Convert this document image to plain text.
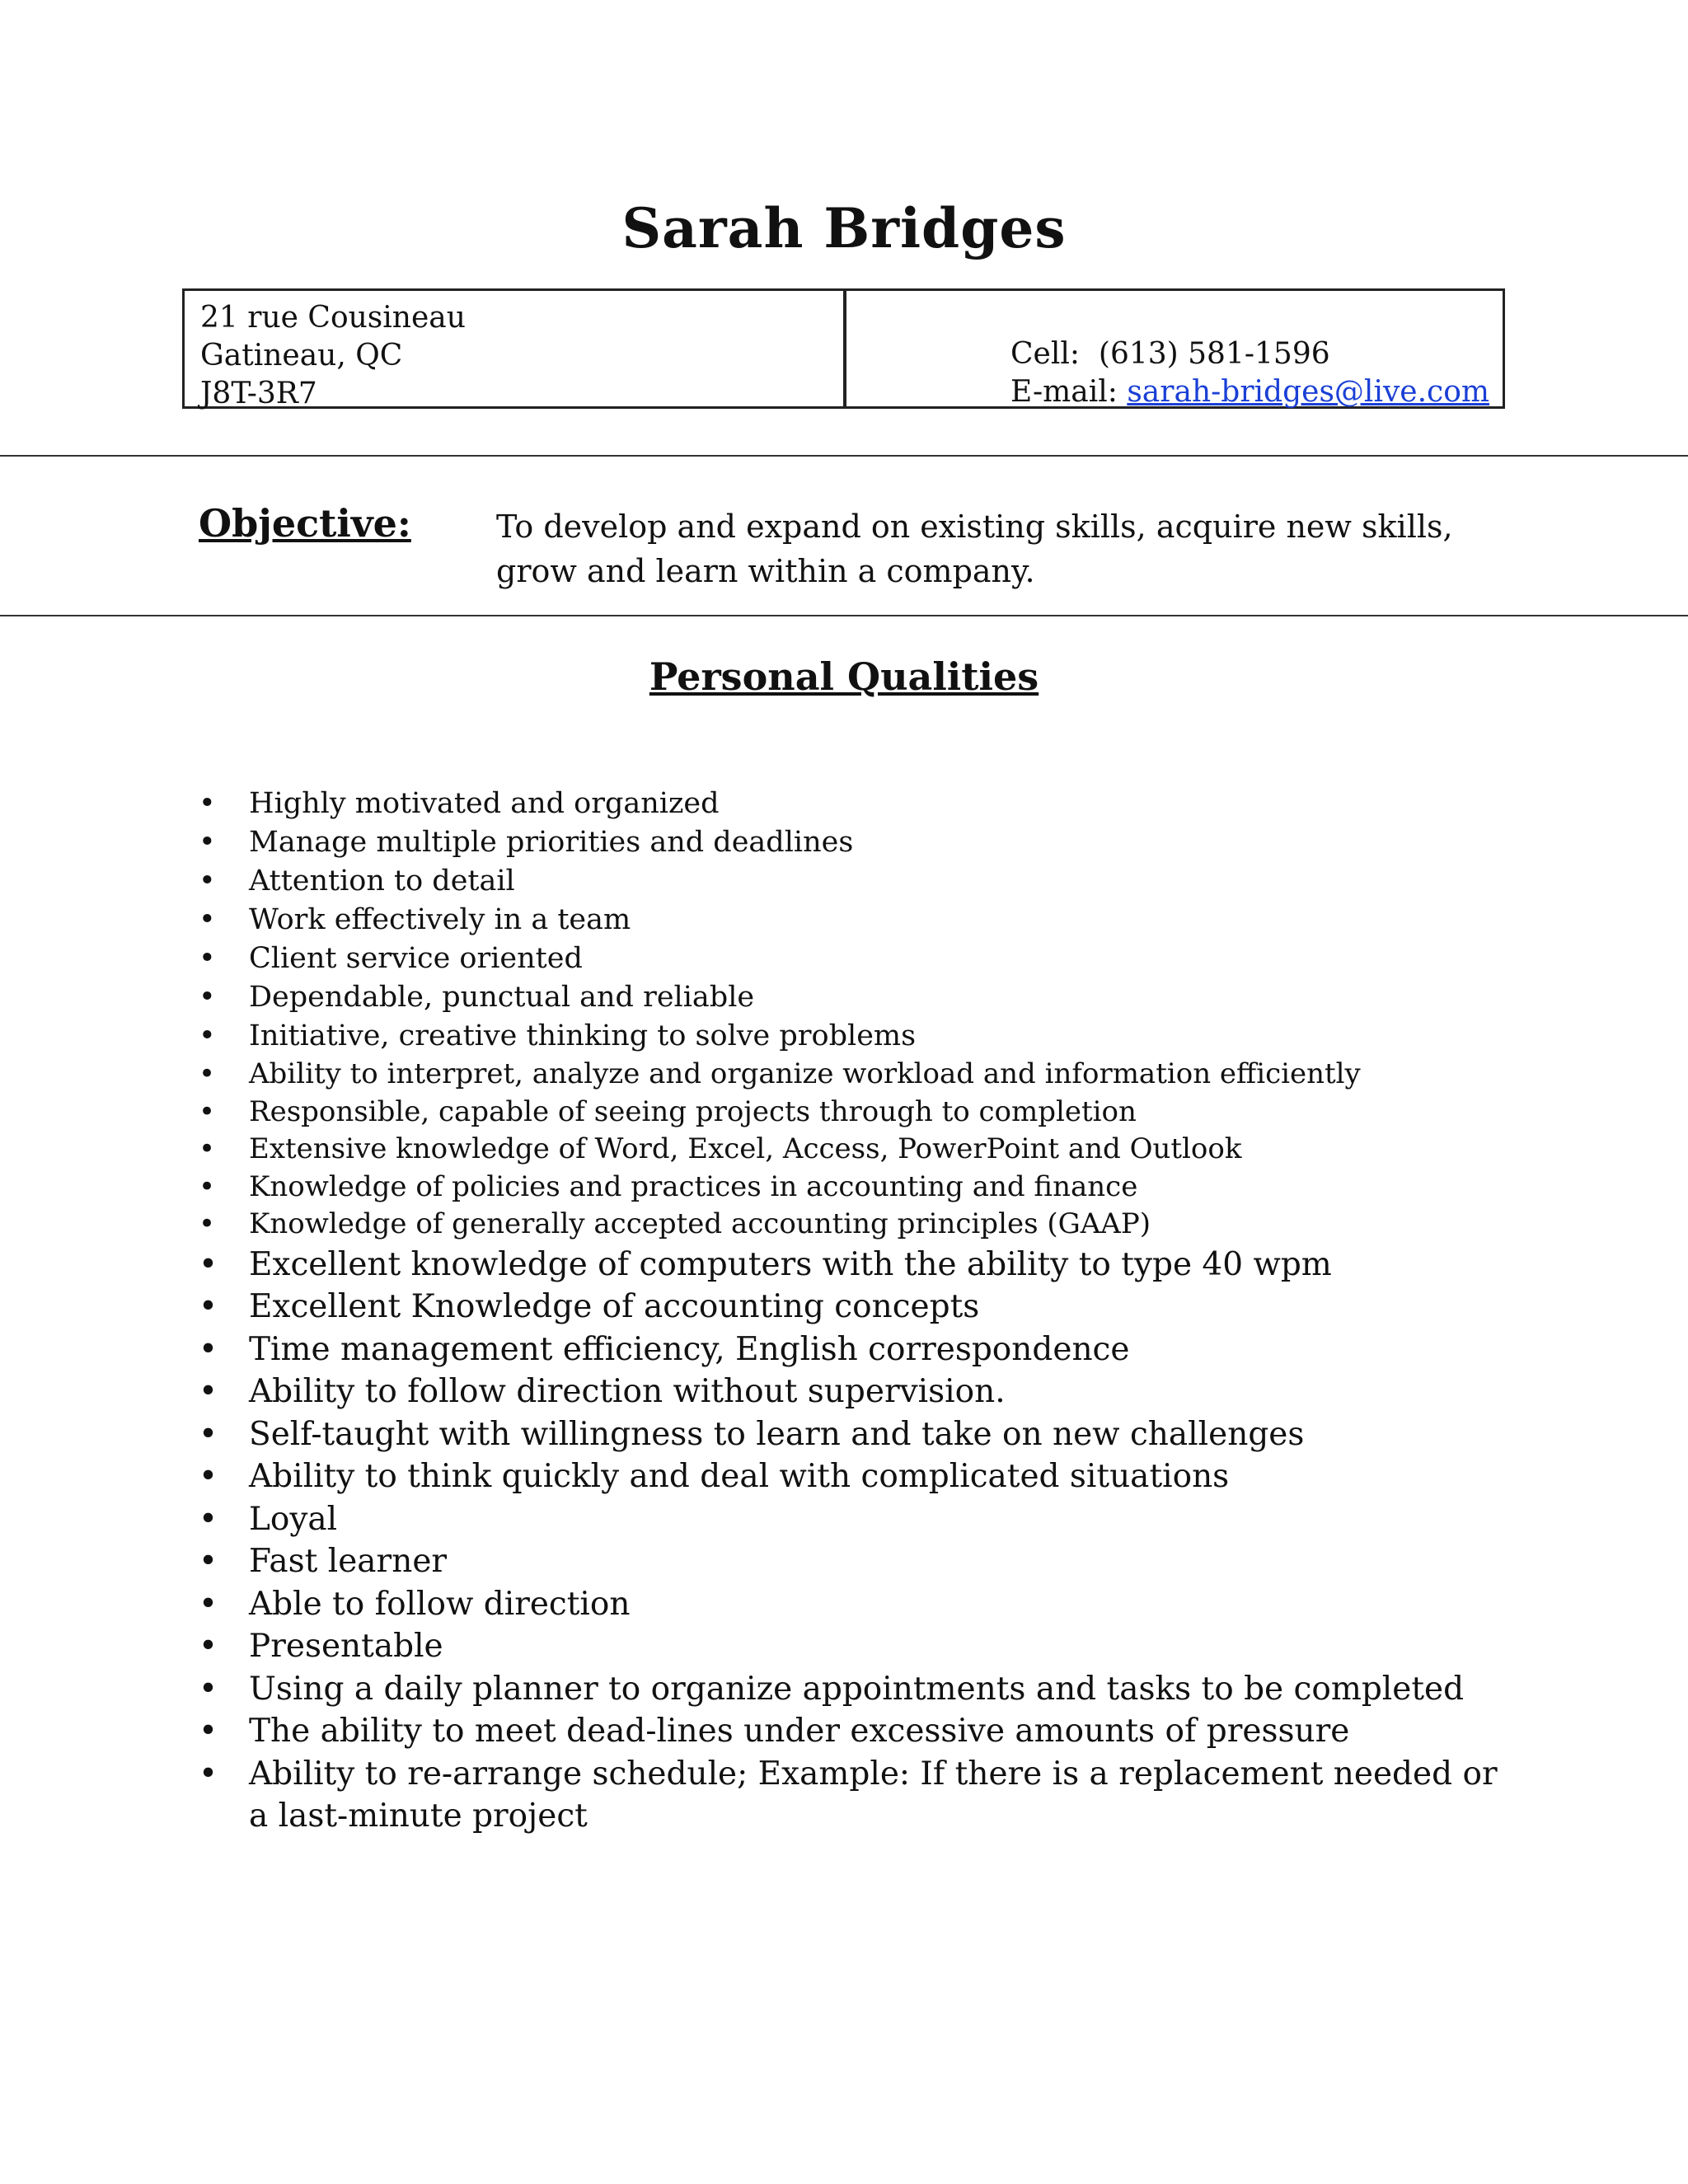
Sarah Bridges
21 rue Cousineau
Gatineau, QC
J8T-3R7
Cell: (613) 581-1596
E-mail: sarah-bridges@live.com
Objective:	To develop and expand on existing skills, acquire new skills, grow and learn within a company.
Personal Qualities
• Highly motivated and organized
• Manage multiple priorities and deadlines
• Attention to detail
• Work effectively in a team
• Client service oriented
• Dependable, punctual and reliable
• Initiative, creative thinking to solve problems
• Ability to interpret, analyze and organize workload and information efficiently
• Responsible, capable of seeing projects through to completion
• Extensive knowledge of Word, Excel, Access, PowerPoint and Outlook
• Knowledge of policies and practices in accounting and finance
• Knowledge of generally accepted accounting principles (GAAP)
• Excellent knowledge of computers with the ability to type 40 wpm
• Excellent Knowledge of accounting concepts
• Time management efficiency, English correspondence
• Ability to follow direction without supervision.
• Self-taught with willingness to learn and take on new challenges
• Ability to think quickly and deal with complicated situations
• Loyal
• Fast learner
• Able to follow direction
• Presentable
• Using a daily planner to organize appointments and tasks to be completed
• The ability to meet dead-lines under excessive amounts of pressure
• Ability to re-arrange schedule; Example: If there is a replacement needed or a last-minute project
